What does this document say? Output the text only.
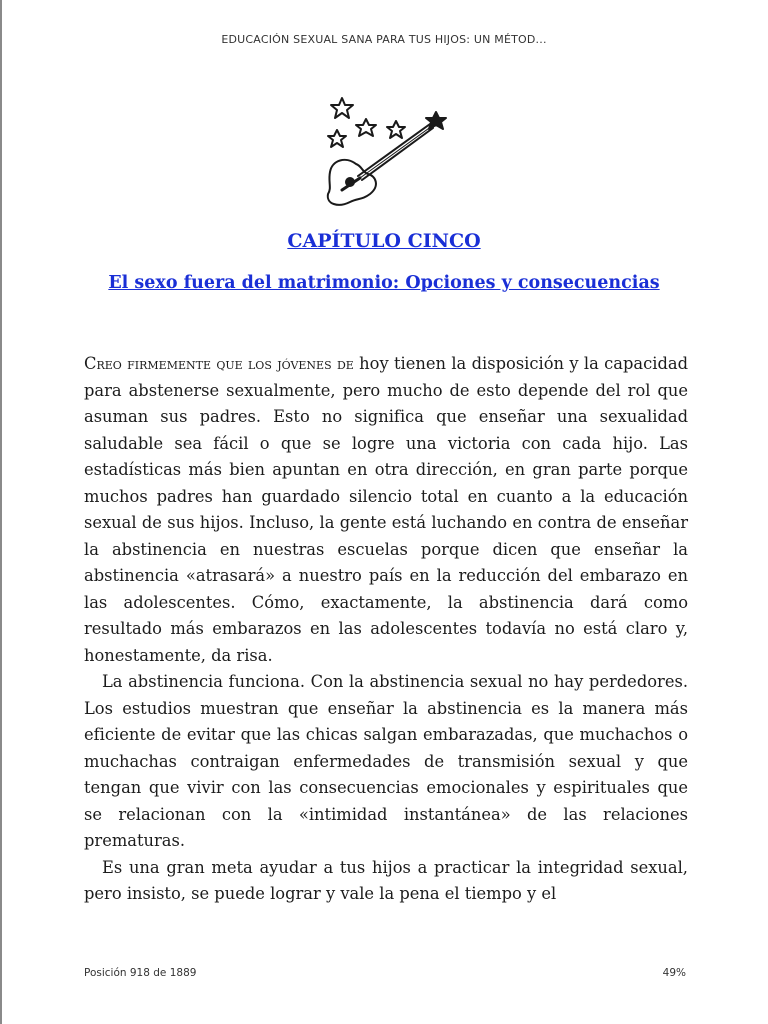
EDUCACIÓN SEXUAL SANA PARA TUS HIJOS: UN MÉTOD...
CAPÍTULO CINCO
El sexo fuera del matrimonio: Opciones y consecuencias

Creo firmemente que los jóvenes de hoy tienen la disposición y la capacidad para abstenerse sexualmente, pero mucho de esto depende del rol que asuman sus padres. Esto no significa que enseñar una sexualidad saludable sea fácil o que se logre una victoria con cada hijo. Las estadísticas más bien apuntan en otra dirección, en gran parte porque muchos padres han guardado silencio total en cuanto a la educación sexual de sus hijos. Incluso, la gente está luchando en contra de enseñar la abstinencia en nuestras escuelas porque dicen que enseñar la abstinencia «atrasará» a nuestro país en la reducción del embarazo en las adolescentes. Cómo, exactamente, la abstinencia dará como resultado más embarazos en las adolescentes todavía no está claro y, honestamente, da risa.

La abstinencia funciona. Con la abstinencia sexual no hay perdedores. Los estudios muestran que enseñar la abstinencia es la manera más eficiente de evitar que las chicas salgan embarazadas, que muchachos o muchachas contraigan enfermedades de transmisión sexual y que tengan que vivir con las consecuencias emocionales y espirituales que se relacionan con la «intimidad instantánea» de las relaciones prematuras.

Es una gran meta ayudar a tus hijos a practicar la integridad sexual, pero insisto, se puede lograr y vale la pena el tiempo y el

Posición 918 de 1889	49%
